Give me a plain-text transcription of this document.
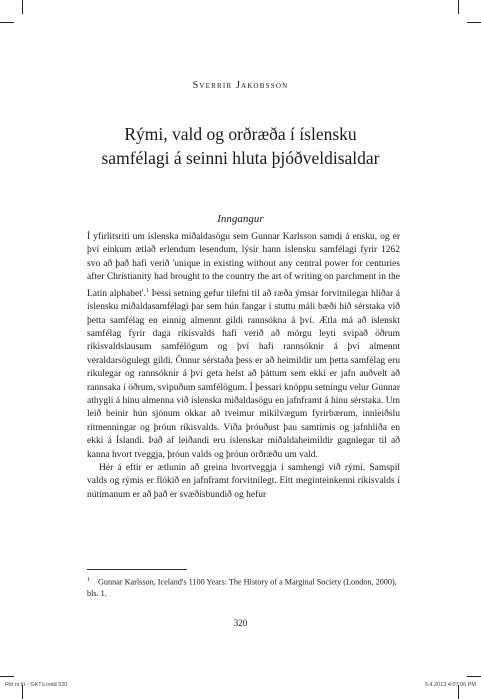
Sverrir Jakobsson
Rými, vald og orðræða í íslensku
samfélagi á seinni hluta þjóðveldisaldar
Inngangur

Í yfirlitsriti um íslenska miðaldasögu sem Gunnar Karlsson samdi á ensku, og er því einkum ætlað erlendum lesendum, lýsir hann íslensku samfélagi fyrir 1262 svo að það hafi verið 'unique in existing without any central power for centuries after Christianity had brought to the country the art of writing on parchment in the Latin alphabet'.$^1$ Þessi setning gefur tilefni til að ræða ýmsar forvitnilegar hliðar á íslensku miðaldasamfélagi þar sem hún fangar í stuttu máli bæði hið sérstaka við þetta samfélag en einnig almennt gildi rannsókna á því. Ætla má að íslenskt samfélag fyrir daga ríkisvalds hafi verið að mörgu leyti svipað öðrum ríkisvaldslausum samfélögum og því hafi rannsóknir á því almennt veraldarsögulegt gildi. Önnur sérstaða þess er að heimildir um þetta samfélag eru ríkulegar og rannsóknir á því geta helst að þáttum sem ekki er jafn auðvelt að rannsaka í öðrum, svipuðum samfélögum. Í þessari knöppu setningu velur Gunnar athygli á hinu almenna við íslenska miðaldasögu en jafnframt á hinu sérstaka. Um leið beinir hún sjónum okkar að tveimur mikilvægum fyrirbærum, innleiðslu ritmenningar og þróun ríkisvalds. Víða þróuðust þau samtímis og jafnhliða en ekki á Íslandi. Það af leiðandi eru íslenskar miðaldaheimildir gagnlegar til að kanna hvort tveggja, þróun valds og þróun orðræðu um vald.

Hér á eftir er ætlunin að greina hvortveggja í samhengi við rými. Samspil valds og rýmis er flókið en jafnframt forvitnilegt. Eitt meginteinkenni ríkisvalds í nútímanum er að það er svæðisbundið og hefur

$^1$ Gunnar Karlsson, Iceland's 1100 Years: The History of a Marginal Society (London, 2000), bls. 1.

320
Ritt ni tír - GKTü.indd 320	5.4.2013 4:07:06 PM
